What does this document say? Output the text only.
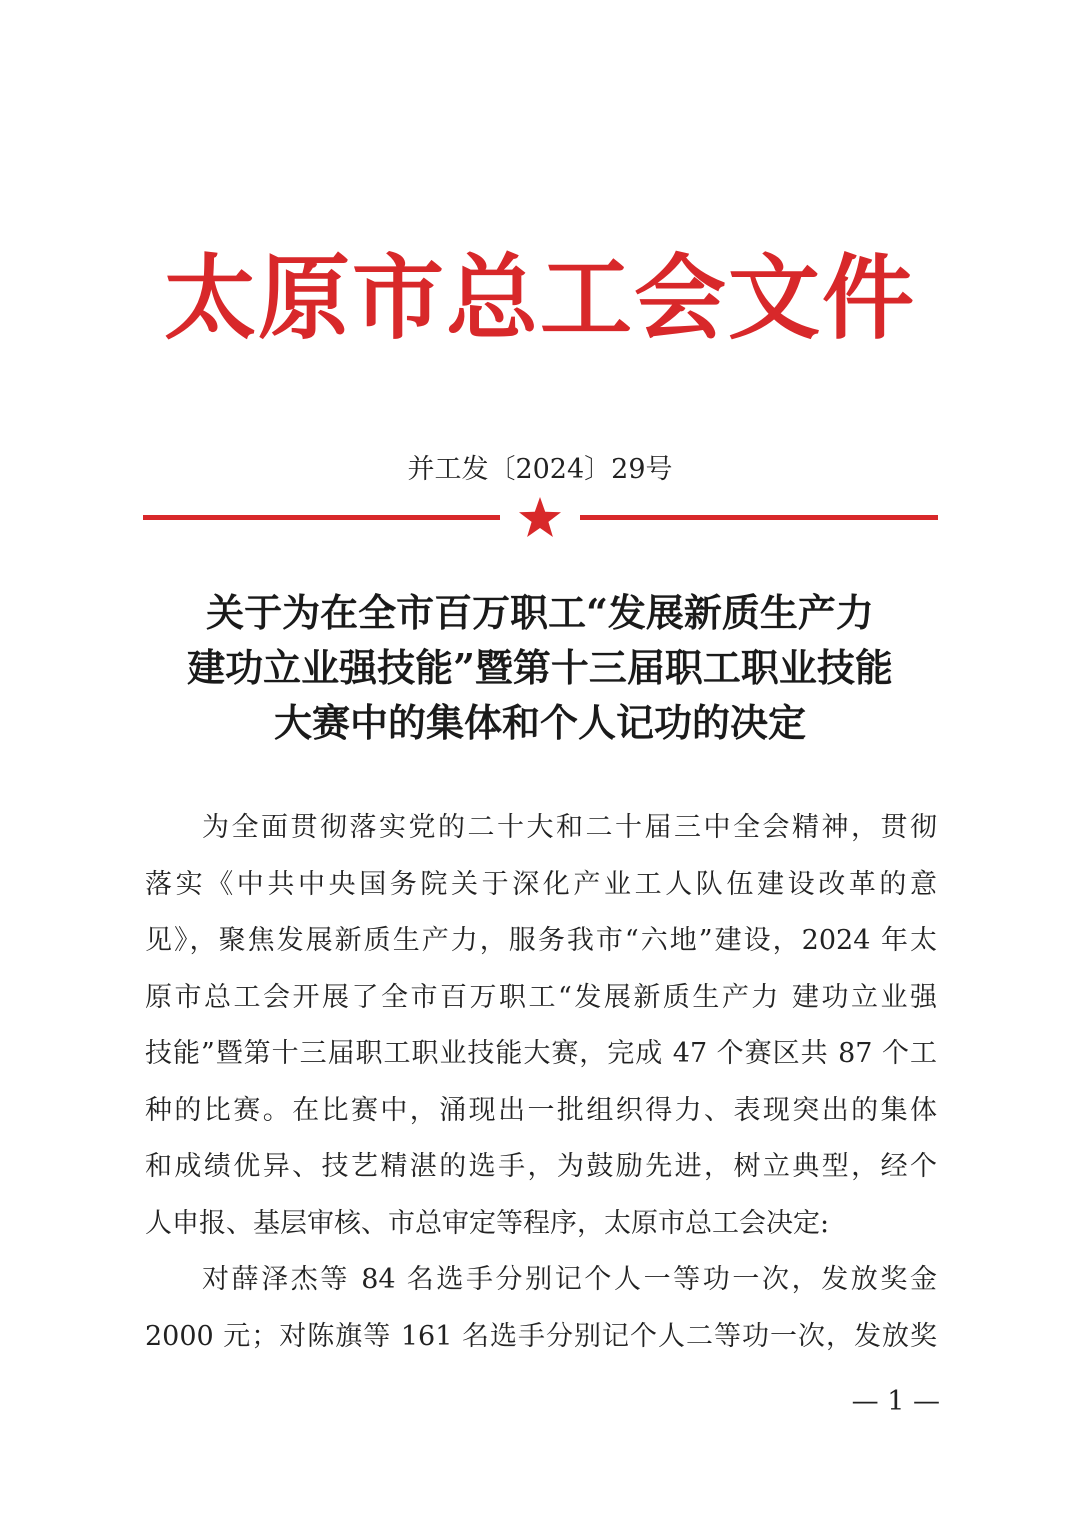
太原市总工会文件
并工发〔2024〕29号
关于为在全市百万职工“发展新质生产力
建功立业强技能”暨第十三届职工职业技能
大赛中的集体和个人记功的决定
为全面贯彻落实党的二十大和二十届三中全会精神，贯彻
落实《中共中央国务院关于深化产业工人队伍建设改革的意
见》，聚焦发展新质生产力，服务我市“六地”建设，2024 年太
原市总工会开展了全市百万职工“发展新质生产力 建功立业强
技能”暨第十三届职工职业技能大赛，完成 47 个赛区共 87 个工
种的比赛。在比赛中，涌现出一批组织得力、表现突出的集体
和成绩优异、技艺精湛的选手，为鼓励先进，树立典型，经个
人申报、基层审核、市总审定等程序，太原市总工会决定:
对薛泽杰等 84 名选手分别记个人一等功一次，发放奖金
2000 元；对陈旗等 161 名选手分别记个人二等功一次，发放奖
— 1 —
